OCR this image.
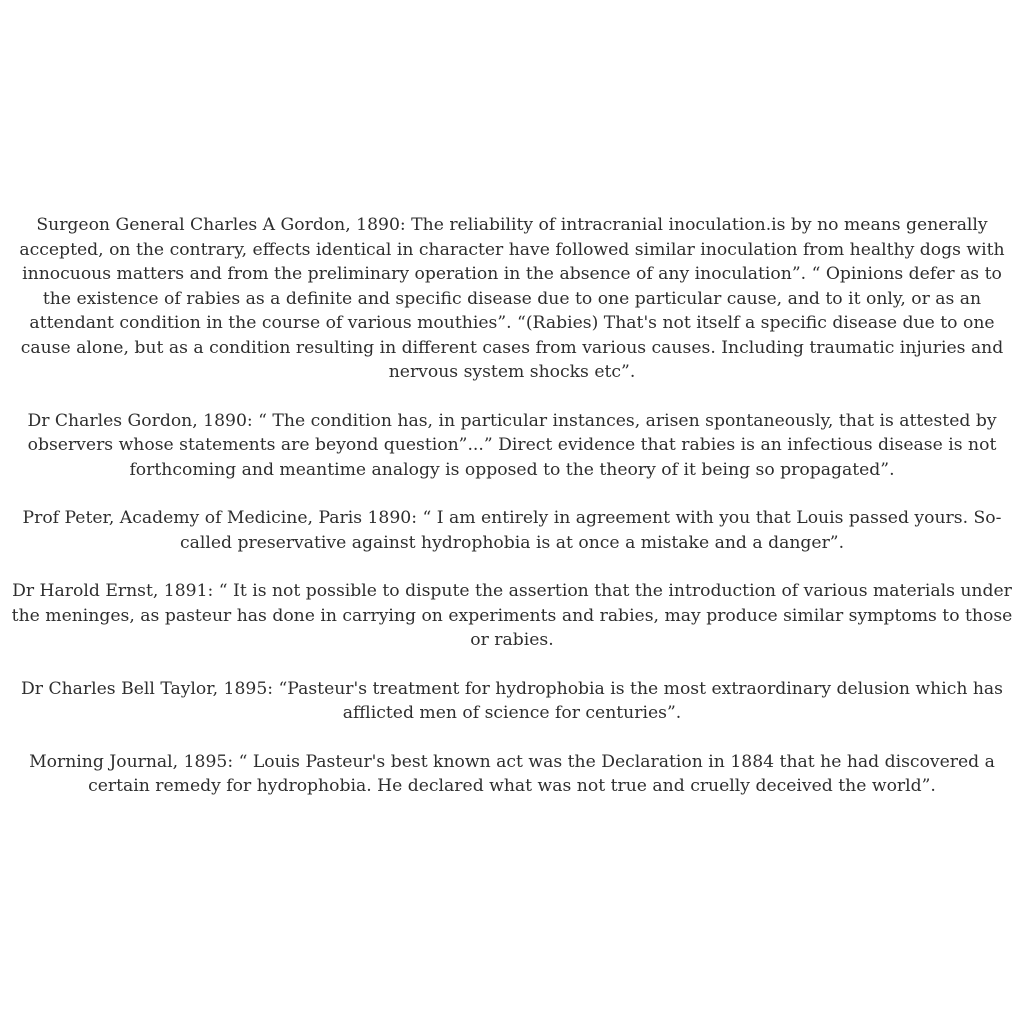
Surgeon General Charles A Gordon, 1890: The reliability of intracranial inoculation.is by no means generally accepted, on the contrary, effects identical in character have followed similar inoculation from healthy dogs with innocuous matters and from the preliminary operation in the absence of any inoculation”. “ Opinions defer as to the existence of rabies as a definite and specific disease due to one particular cause, and to it only, or as an attendant condition in the course of various mouthies”. “(Rabies) That's not itself a specific disease due to one cause alone, but as a condition resulting in different cases from various causes. Including traumatic injuries and nervous system shocks etc”.

Dr Charles Gordon, 1890: “ The condition has, in particular instances, arisen spontaneously, that is attested by observers whose statements are beyond question”...” Direct evidence that rabies is an infectious disease is not forthcoming and meantime analogy is opposed to the theory of it being so propagated”.

Prof Peter, Academy of Medicine, Paris 1890: “ I am entirely in agreement with you that Louis passed yours. So-called preservative against hydrophobia is at once a mistake and a danger”.

Dr Harold Ernst, 1891: “ It is not possible to dispute the assertion that the introduction of various materials under the meninges, as pasteur has done in carrying on experiments and rabies, may produce similar symptoms to those or rabies.

Dr Charles Bell Taylor, 1895: “Pasteur's treatment for hydrophobia is the most extraordinary delusion which has afflicted men of science for centuries”.

Morning Journal, 1895: “ Louis Pasteur's best known act was the Declaration in 1884 that he had discovered a certain remedy for hydrophobia. He declared what was not true and cruelly deceived the world”.
